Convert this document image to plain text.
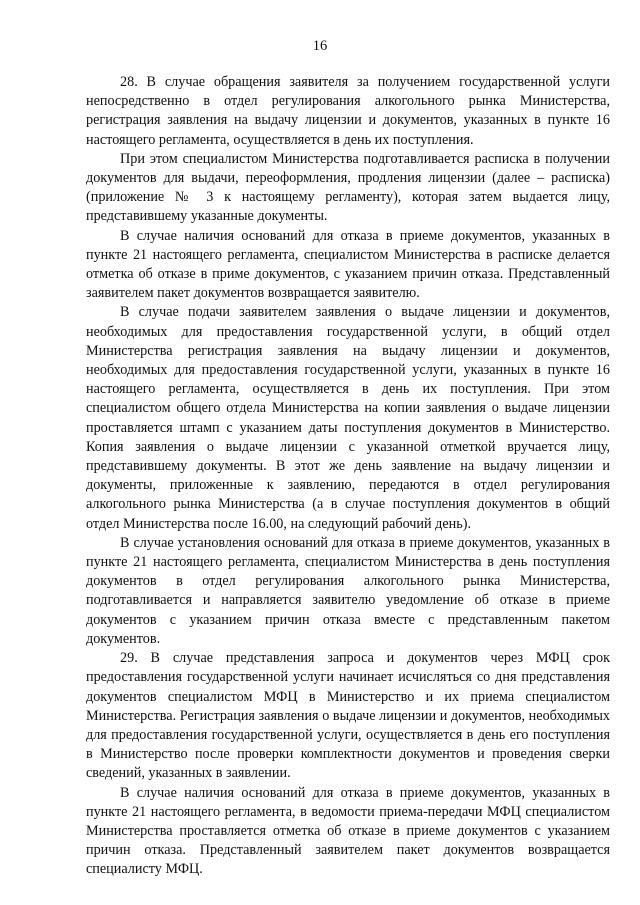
16

28. В случае обращения заявителя за получением государственной услуги непосредственно в отдел регулирования алкогольного рынка Министерства, регистрация заявления на выдачу лицензии и документов, указанных в пункте 16 настоящего регламента, осуществляется в день их поступления.

При этом специалистом Министерства подготавливается расписка в получении документов для выдачи, переоформления, продления лицензии (далее – расписка) (приложение № 3 к настоящему регламенту), которая затем выдается лицу, представившему указанные документы.

В случае наличия оснований для отказа в приеме документов, указанных в пункте 21 настоящего регламента, специалистом Министерства в расписке делается отметка об отказе в приме документов, с указанием причин отказа. Представленный заявителем пакет документов возвращается заявителю.

В случае подачи заявителем заявления о выдаче лицензии и документов, необходимых для предоставления государственной услуги, в общий отдел Министерства регистрация заявления на выдачу лицензии и документов, необходимых для предоставления государственной услуги, указанных в пункте 16 настоящего регламента, осуществляется в день их поступления. При этом специалистом общего отдела Министерства на копии заявления о выдаче лицензии проставляется штамп с указанием даты поступления документов в Министерство. Копия заявления о выдаче лицензии с указанной отметкой вручается лицу, представившему документы. В этот же день заявление на выдачу лицензии и документы, приложенные к заявлению, передаются в отдел регулирования алкогольного рынка Министерства (а в случае поступления документов в общий отдел Министерства после 16.00, на следующий рабочий день).

В случае установления оснований для отказа в приеме документов, указанных в пункте 21 настоящего регламента, специалистом Министерства в день поступления документов в отдел регулирования алкогольного рынка Министерства, подготавливается и направляется заявителю уведомление об отказе в приеме документов с указанием причин отказа вместе с представленным пакетом документов.

29. В случае представления запроса и документов через МФЦ срок предоставления государственной услуги начинает исчисляться со дня представления документов специалистом МФЦ в Министерство и их приема специалистом Министерства. Регистрация заявления о выдаче лицензии и документов, необходимых для предоставления государственной услуги, осуществляется в день его поступления в Министерство после проверки комплектности документов и проведения сверки сведений, указанных в заявлении.

В случае наличия оснований для отказа в приеме документов, указанных в пункте 21 настоящего регламента, в ведомости приема-передачи МФЦ специалистом Министерства проставляется отметка об отказе в приеме документов с указанием причин отказа. Представленный заявителем пакет документов возвращается специалисту МФЦ.
